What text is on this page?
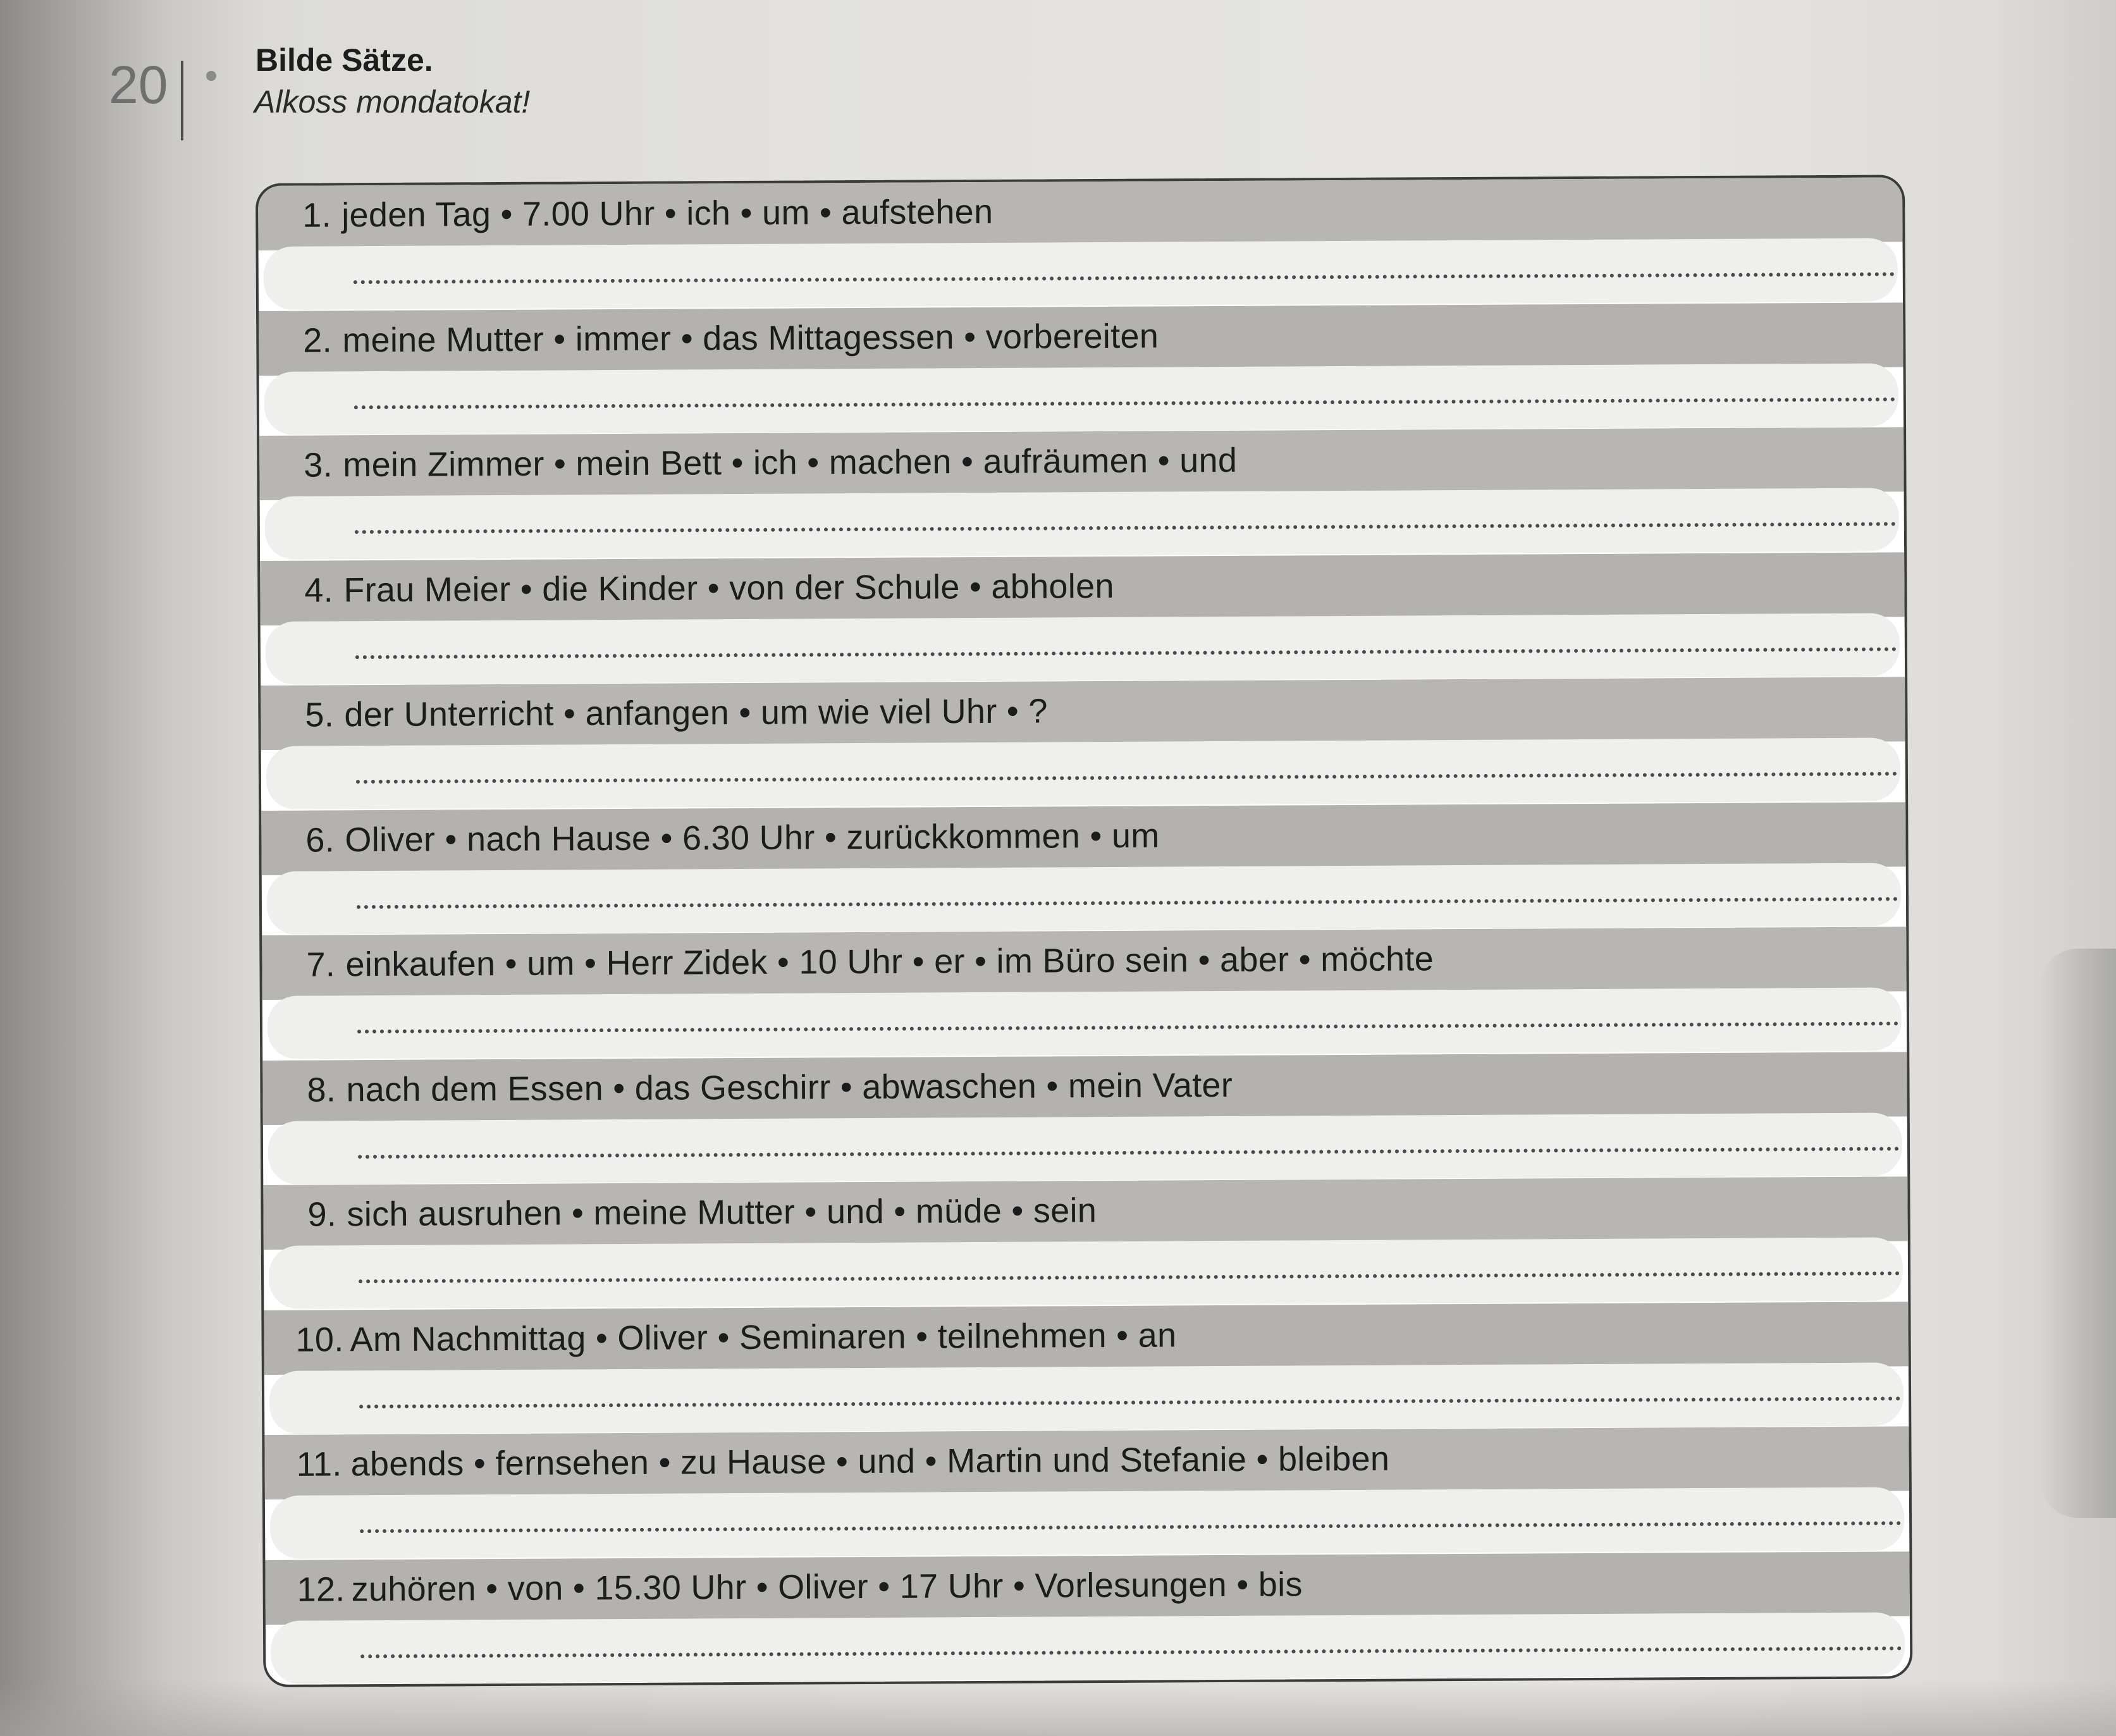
20	Bilde Sätze.
Alkoss mondatokat!
1. jeden Tag • 7.00 Uhr • ich • um • aufstehen
2. meine Mutter • immer • das Mittagessen • vorbereiten
3. mein Zimmer • mein Bett • ich • machen • aufräumen • und
4. Frau Meier • die Kinder • von der Schule • abholen
5. der Unterricht • anfangen • um wie viel Uhr • ?
6. Oliver • nach Hause • 6.30 Uhr • zurückkommen • um
7. einkaufen • um • Herr Zidek • 10 Uhr • er • im Büro sein • aber • möchte
8. nach dem Essen • das Geschirr • abwaschen • mein Vater
9. sich ausruhen • meine Mutter • und • müde • sein
10. Am Nachmittag • Oliver • Seminaren • teilnehmen • an
11. abends • fernsehen • zu Hause • und • Martin und Stefanie • bleiben
12. zuhören • von • 15.30 Uhr • Oliver • 17 Uhr • Vorlesungen • bis
